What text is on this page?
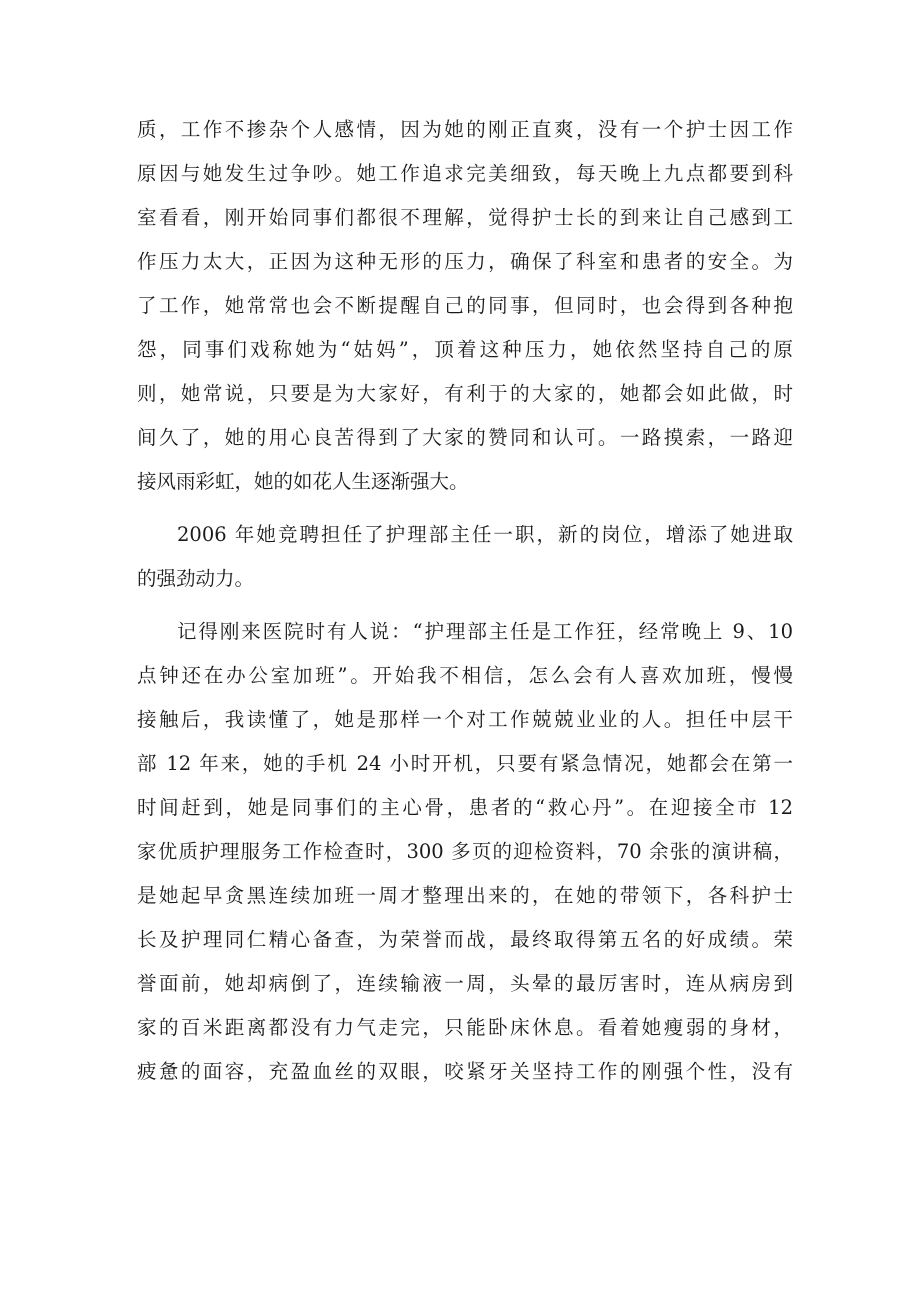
质，工作不掺杂个人感情，因为她的刚正直爽，没有一个护士因工作
原因与她发生过争吵。她工作追求完美细致，每天晚上九点都要到科
室看看，刚开始同事们都很不理解，觉得护士长的到来让自己感到工
作压力太大，正因为这种无形的压力，确保了科室和患者的安全。为
了工作，她常常也会不断提醒自己的同事，但同时，也会得到各种抱
怨，同事们戏称她为“姑妈”，顶着这种压力，她依然坚持自己的原
则，她常说，只要是为大家好，有利于的大家的，她都会如此做，时
间久了，她的用心良苦得到了大家的赞同和认可。一路摸索，一路迎
接风雨彩虹，她的如花人生逐渐强大。

2006 年她竞聘担任了护理部主任一职，新的岗位，增添了她进取
的强劲动力。

记得刚来医院时有人说：“护理部主任是工作狂，经常晚上 9、10
点钟还在办公室加班”。开始我不相信，怎么会有人喜欢加班，慢慢
接触后，我读懂了，她是那样一个对工作兢兢业业的人。担任中层干
部 12 年来，她的手机 24 小时开机，只要有紧急情况，她都会在第一
时间赶到，她是同事们的主心骨，患者的“救心丹”。在迎接全市 12
家优质护理服务工作检查时，300 多页的迎检资料，70 余张的演讲稿，
是她起早贪黑连续加班一周才整理出来的，在她的带领下，各科护士
长及护理同仁精心备查，为荣誉而战，最终取得第五名的好成绩。荣
誉面前，她却病倒了，连续输液一周，头晕的最厉害时，连从病房到
家的百米距离都没有力气走完，只能卧床休息。看着她瘦弱的身材，
疲惫的面容，充盈血丝的双眼，咬紧牙关坚持工作的刚强个性，没有
